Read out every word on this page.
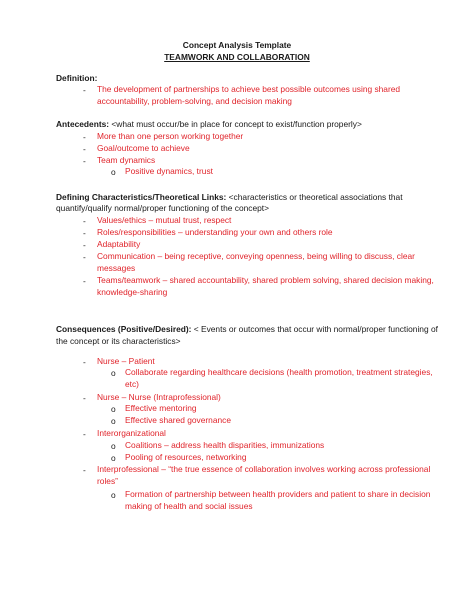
Concept Analysis Template
TEAMWORK AND COLLABORATION
Definition:
- The development of partnerships to achieve best possible outcomes using shared
accountability, problem-solving, and decision making
Antecedents: <what must occur/be in place for concept to exist/function properly>
- More than one person working together
- Goal/outcome to achieve
- Team dynamics
o Positive dynamics, trust
Defining Characteristics/Theoretical Links: <characteristics or theoretical associations that
quantify/qualify normal/proper functioning of the concept>
- Values/ethics – mutual trust, respect
- Roles/responsibilities – understanding your own and others role
- Adaptability
- Communication – being receptive, conveying openness, being willing to discuss, clear
messages
- Teams/teamwork – shared accountability, shared problem solving, shared decision making,
knowledge-sharing
Consequences (Positive/Desired): < Events or outcomes that occur with normal/proper functioning of
the concept or its characteristics>
- Nurse – Patient
o Collaborate regarding healthcare decisions (health promotion, treatment strategies,
etc)
- Nurse – Nurse (Intraprofessional)
o Effective mentoring
o Effective shared governance
- Interorganizational
o Coalitions – address health disparities, immunizations
o Pooling of resources, networking
- Interprofessional – “the true essence of collaboration involves working across professional
roles”
o Formation of partnership between health providers and patient to share in decision
making of health and social issues
